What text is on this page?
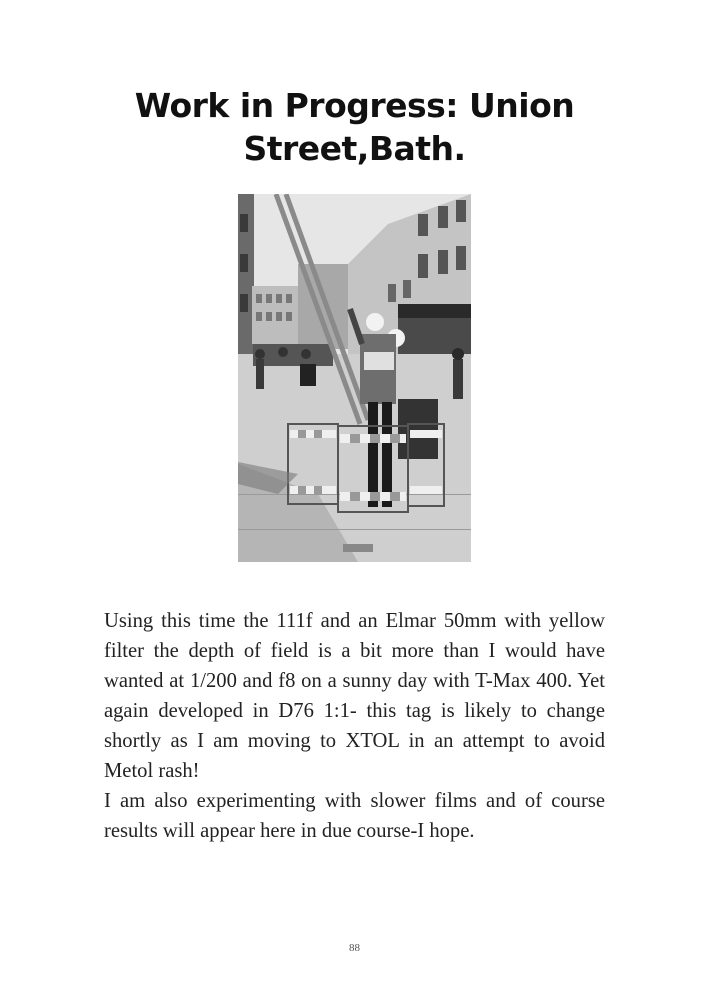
Work in Progress: Union Street,Bath.

Using this time the 111f and an Elmar 50mm with yellow filter the depth of field is a bit more than I would have wanted at 1/200 and f8 on a sunny day with T-Max 400. Yet again developed in D76 1:1- this tag is likely to change shortly as I am moving to XTOL in an attempt to avoid Metol rash!

I am also experimenting with slower films and of course results will appear here in due course-I hope.

88
